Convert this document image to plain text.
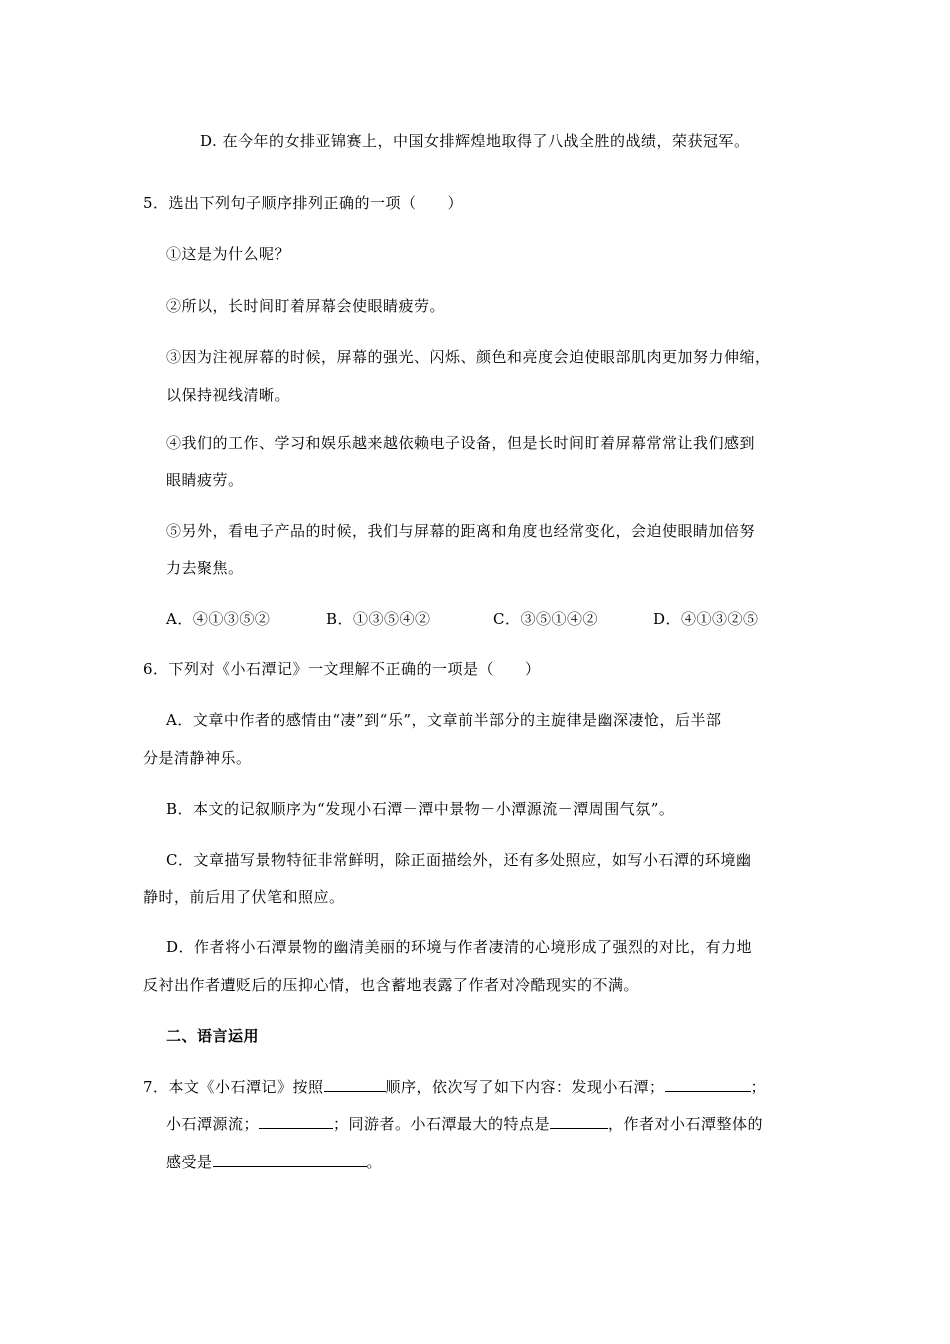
D. 在今年的女排亚锦赛上，中国女排辉煌地取得了八战全胜的战绩，荣获冠军。
5．选出下列句子顺序排列正确的一项（　　）
①这是为什么呢？
②所以，长时间盯着屏幕会使眼睛疲劳。
③因为注视屏幕的时候，屏幕的强光、闪烁、颜色和亮度会迫使眼部肌肉更加努力伸缩，
以保持视线清晰。
④我们的工作、学习和娱乐越来越依赖电子设备，但是长时间盯着屏幕常常让我们感到
眼睛疲劳。
⑤另外，看电子产品的时候，我们与屏幕的距离和角度也经常变化，会迫使眼睛加倍努
力去聚焦。
A．④①③⑤②	B．①③⑤④②	C．③⑤①④②	D．④①③②⑤
6．下列对《小石潭记》一文理解不正确的一项是（　　）
A．文章中作者的感情由“凄”到“乐”，文章前半部分的主旋律是幽深凄怆，后半部
分是清静神乐。
B．本文的记叙顺序为“发现小石潭－潭中景物－小潭源流－潭周围气氛”。
C．文章描写景物特征非常鲜明，除正面描绘外，还有多处照应，如写小石潭的环境幽
静时，前后用了伏笔和照应。
D．作者将小石潭景物的幽清美丽的环境与作者凄清的心境形成了强烈的对比，有力地
反衬出作者遭贬后的压抑心情，也含蓄地表露了作者对冷酷现实的不满。
二、语言运用
7．本文《小石潭记》按照	顺序，依次写了如下内容：发现小石潭；	；
小石潭源流；	；同游者。小石潭最大的特点是	，作者对小石潭整体的
感受是	。
